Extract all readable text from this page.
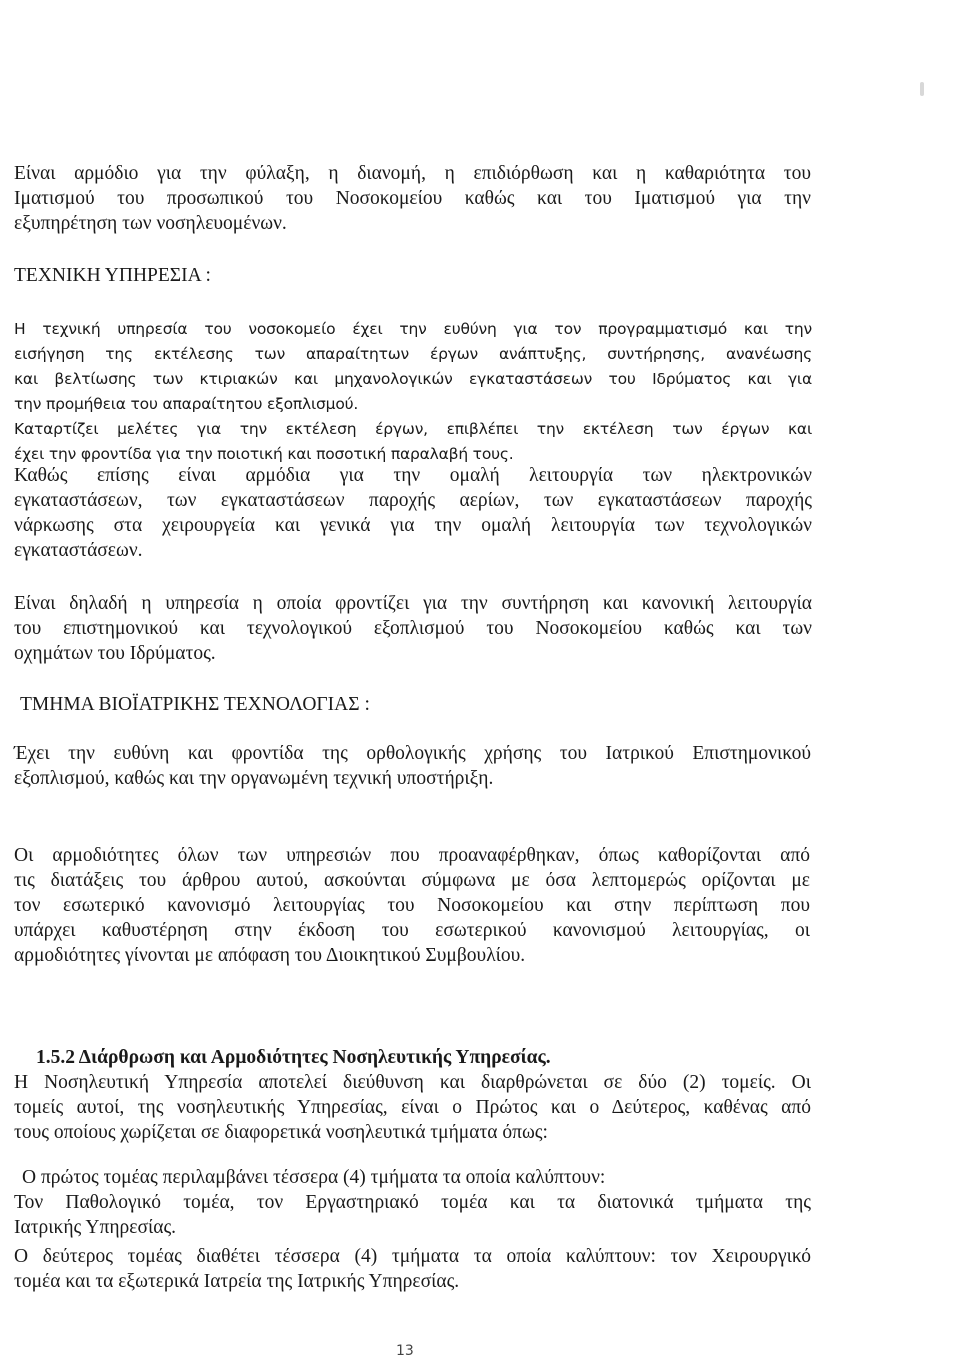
Είναι αρμόδιο για την φύλαξη, η διανομή, η επιδιόρθωση και η καθαριότητα του
Ιματισμού του προσωπικού του Νοσοκομείου καθώς και του Ιματισμού για την
εξυπηρέτηση των νοσηλευομένων.
ΤΕΧΝΙΚΗ ΥΠΗΡΕΣΙΑ :
Η τεχνική υπηρεσία του νοσοκομείο έχει την ευθύνη για τον προγραμματισμό και την
εισήγηση της εκτέλεσης των απαραίτητων έργων ανάπτυξης, συντήρησης, ανανέωσης
και βελτίωσης των κτιριακών και μηχανολογικών εγκαταστάσεων του Ιδρύματος και για
την προμήθεια του απαραίτητου εξοπλισμού.
Καταρτίζει μελέτες για την εκτέλεση έργων, επιβλέπει την εκτέλεση των έργων και
έχει την φροντίδα για την ποιοτική και ποσοτική παραλαβή τους.
Καθώς επίσης είναι αρμόδια για την ομαλή λειτουργία των ηλεκτρονικών
εγκαταστάσεων, των εγκαταστάσεων παροχής αερίων, των εγκαταστάσεων παροχής
νάρκωσης στα χειρουργεία και γενικά για την ομαλή λειτουργία των τεχνολογικών
εγκαταστάσεων.
Είναι δηλαδή η υπηρεσία η οποία φροντίζει για την συντήρηση και κανονική λειτουργία
του επιστημονικού και τεχνολογικού εξοπλισμού του Νοσοκομείου καθώς και των
οχημάτων του Ιδρύματος.
ΤΜΗΜΑ ΒΙΟΪΑΤΡΙΚΗΣ ΤΕΧΝΟΛΟΓΙΑΣ :
Έχει την ευθύνη και φροντίδα της ορθολογικής χρήσης του Ιατρικού Επιστημονικού
εξοπλισμού, καθώς και την οργανωμένη τεχνική υποστήριξη.
Οι αρμοδιότητες όλων των υπηρεσιών που προαναφέρθηκαν, όπως καθορίζονται από
τις διατάξεις του άρθρου αυτού, ασκούνται σύμφωνα με όσα λεπτομερώς ορίζονται με
τον εσωτερικό κανονισμό λειτουργίας του Νοσοκομείου και στην περίπτωση που
υπάρχει καθυστέρηση στην έκδοση του εσωτερικού κανονισμού λειτουργίας, οι
αρμοδιότητες γίνονται με απόφαση του Διοικητικού Συμβουλίου.
1.5.2 Διάρθρωση και Αρμοδιότητες Νοσηλευτικής Υπηρεσίας.
Η Νοσηλευτική Υπηρεσία αποτελεί διεύθυνση και διαρθρώνεται σε δύο (2) τομείς. Οι
τομείς αυτοί, της νοσηλευτικής Υπηρεσίας, είναι ο Πρώτος και ο Δεύτερος, καθένας από
τους οποίους χωρίζεται σε διαφορετικά νοσηλευτικά τμήματα όπως:
Ο πρώτος τομέας περιλαμβάνει τέσσερα (4) τμήματα τα οποία καλύπτουν:
Τον Παθολογικό τομέα, τον Εργαστηριακό τομέα και τα διατονικά τμήματα της
Ιατρικής Υπηρεσίας.
Ο δεύτερος τομέας διαθέτει τέσσερα (4) τμήματα τα οποία καλύπτουν: τον Χειρουργικό
τομέα και τα εξωτερικά Ιατρεία της Ιατρικής Υπηρεσίας.
13
